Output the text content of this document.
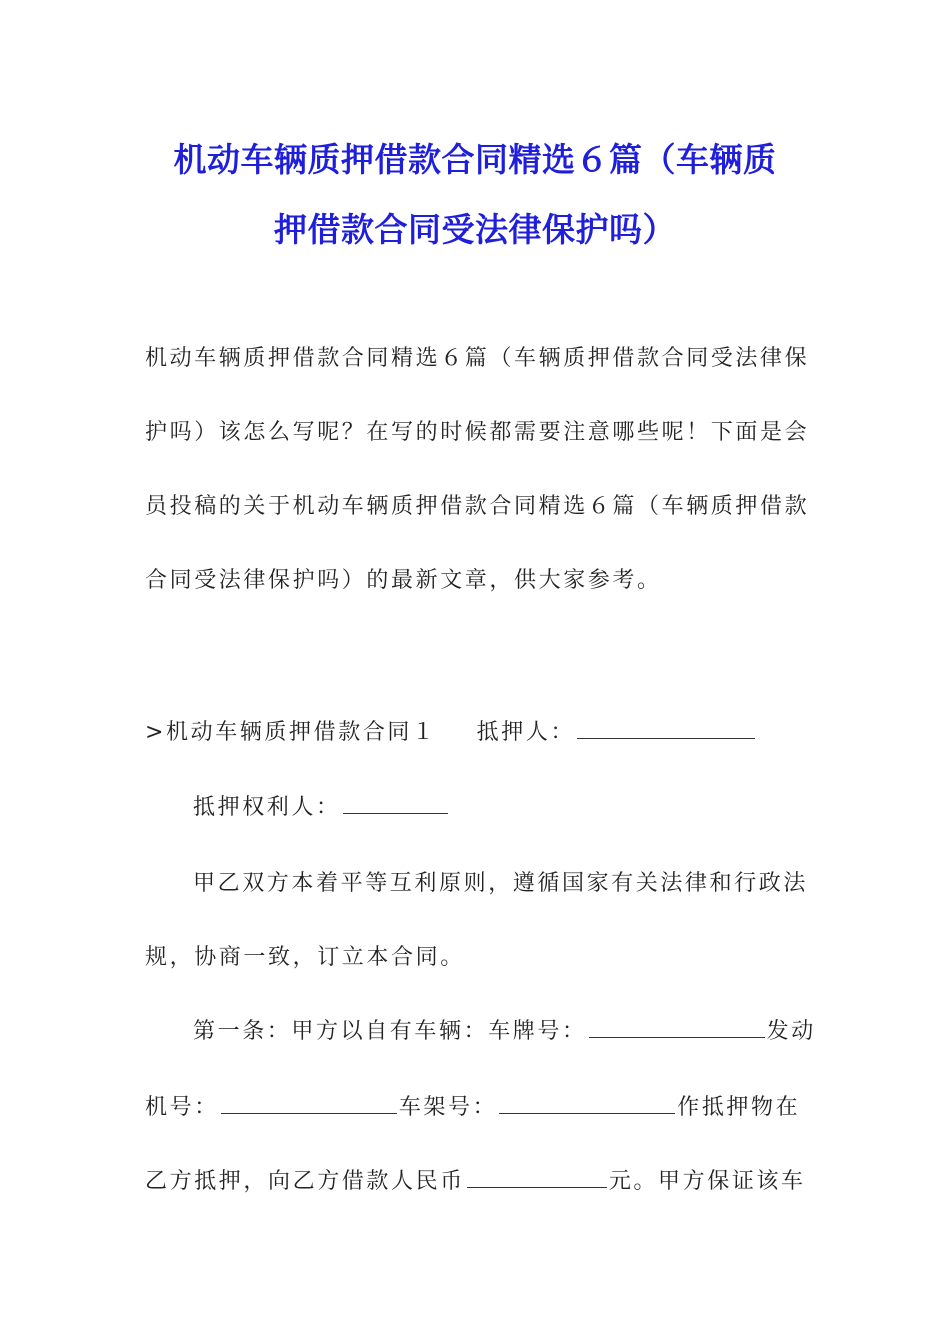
机动车辆质押借款合同精选６篇（车辆质
押借款合同受法律保护吗）
机动车辆质押借款合同精选６篇（车辆质押借款合同受法律保
护吗）该怎么写呢？在写的时候都需要注意哪些呢！下面是会
员投稿的关于机动车辆质押借款合同精选６篇（车辆质押借款
合同受法律保护吗）的最新文章，供大家参考。
>机动车辆质押借款合同１ 抵押人：
抵押权利人：
甲乙双方本着平等互利原则，遵循国家有关法律和行政法
规，协商一致，订立本合同。
第一条：甲方以自有车辆：车牌号：	发动
机号：	车架号：	作抵押物在
乙方抵押，向乙方借款人民币	元。甲方保证该车
